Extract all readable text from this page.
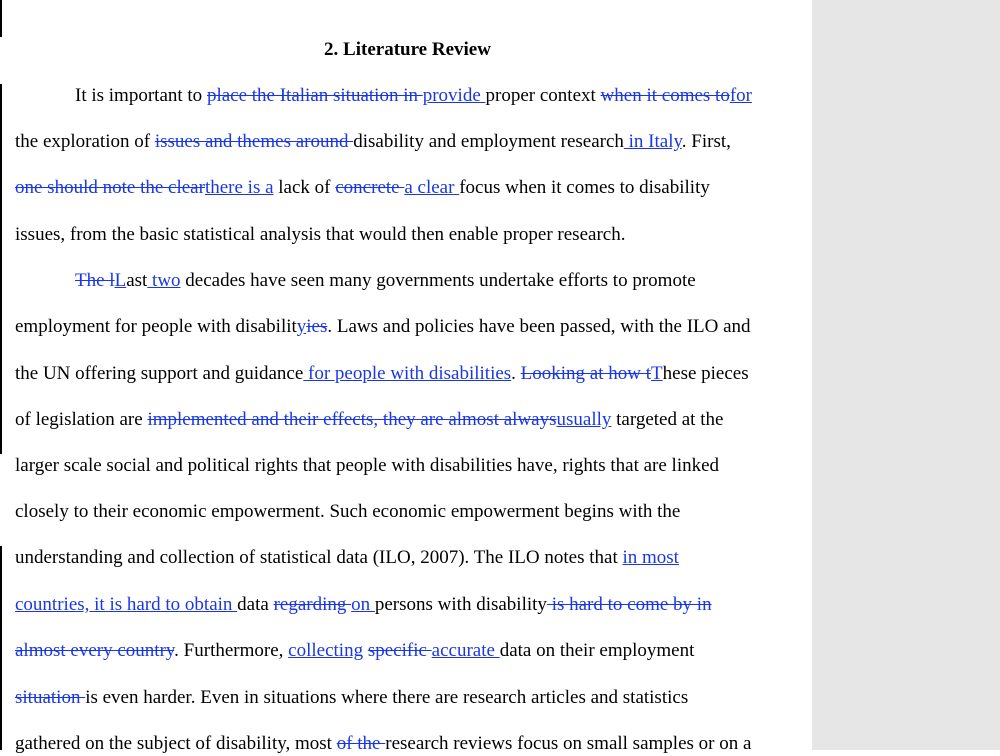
2. Literature Review
It is important to place the Italian situation in provide proper context when it comes tofor
the exploration of issues and themes around disability and employment research in Italy. First,
one should note the clearthere is a lack of concrete a clear focus when it comes to disability
issues, from the basic statistical analysis that would then enable proper research.
The lLast two decades have seen many governments undertake efforts to promote
employment for people with disabilityies. Laws and policies have been passed, with the ILO and
the UN offering support and guidance for people with disabilities. Looking at how tThese pieces
of legislation are implemented and their effects, they are almost alwaysusually targeted at the
larger scale social and political rights that people with disabilities have, rights that are linked
closely to their economic empowerment. Such economic empowerment begins with the
understanding and collection of statistical data (ILO, 2007). The ILO notes that in most
countries, it is hard to obtain data regarding on persons with disability is hard to come by in
almost every country. Furthermore, collecting specific accurate data on their employment
situation is even harder. Even in situations where there are research articles and statistics
gathered on the subject of disability, most of the research reviews focus on small samples or on a
